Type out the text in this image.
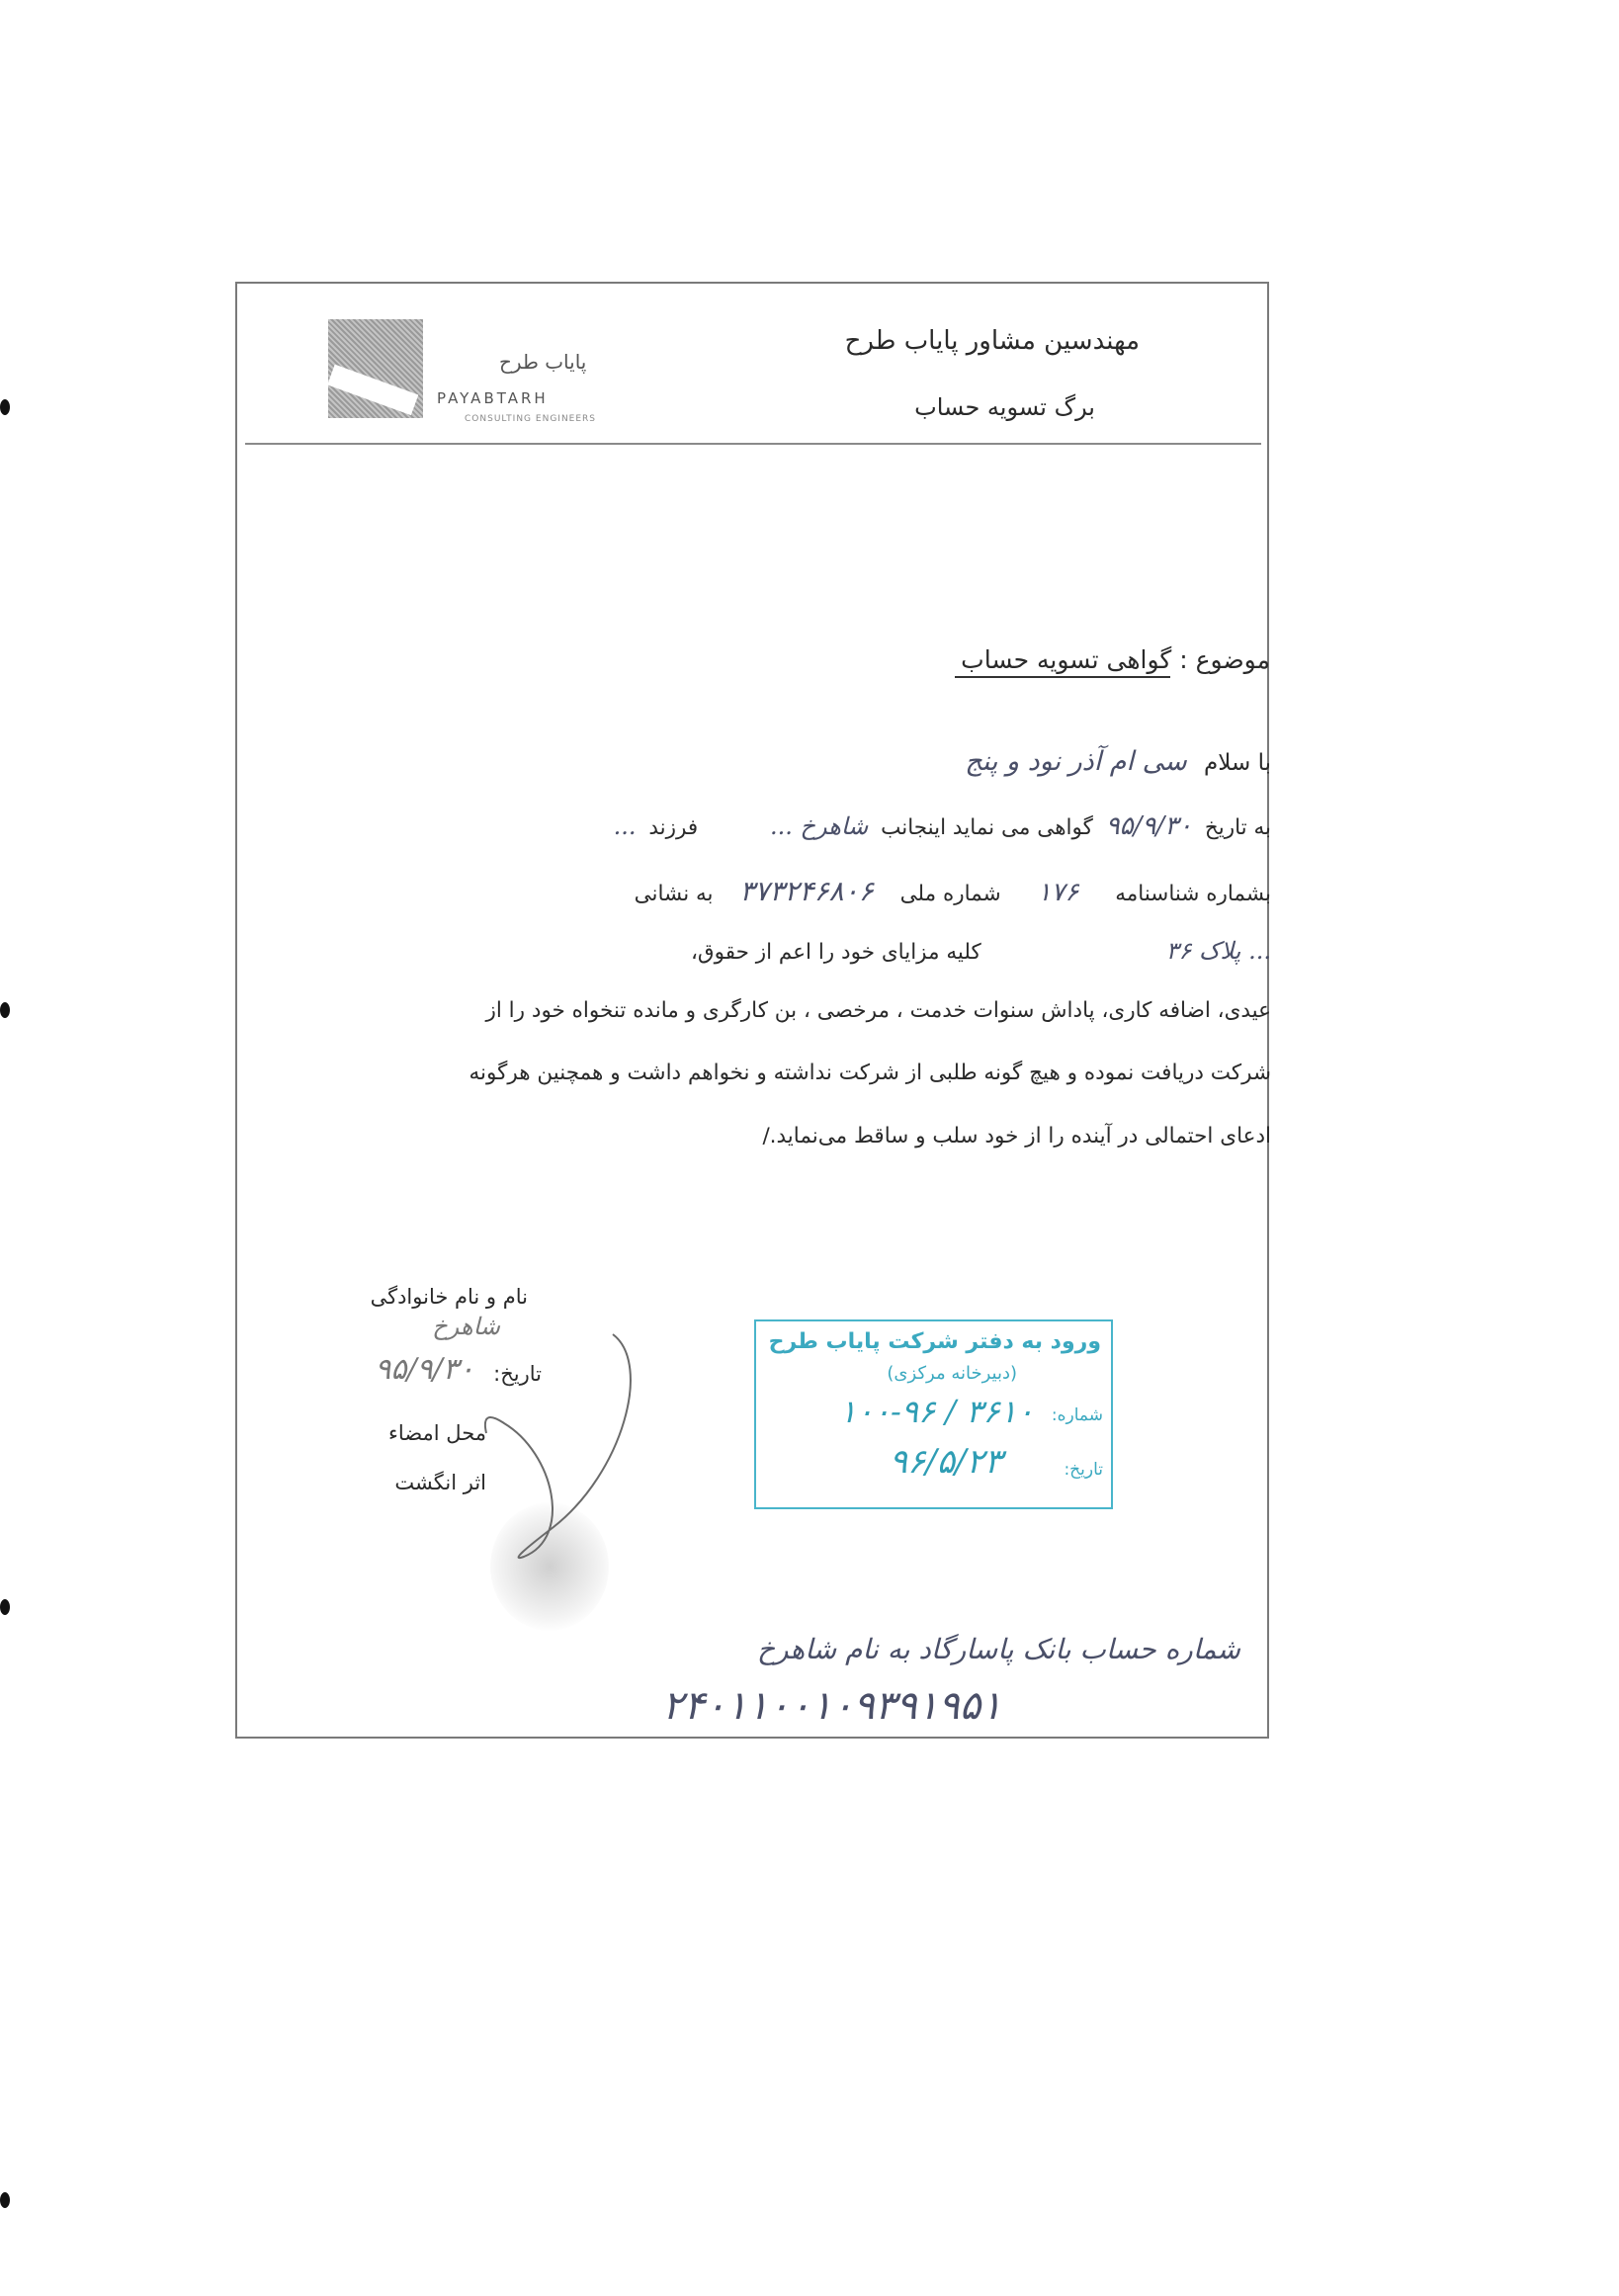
مهندسین مشاور پایاب طرح
برگ تسویه حساب
پایاب طرح
PAYABTARH
CONSULTING ENGINEERS
موضوع : گواهی تسویه حساب
با سلام سی ام آذر نود و پنج
به تاریخ ۹۵/۹/۳۰ گواهی می نماید اینجانب شاهرخ ... فرزند ...
بشماره شناسنامه ۱۷۶ شماره ملی ۳۷۳۲۴۶۸۰۶ به نشانی
... پلاک ۳۶ کلیه مزایای خود را اعم از حقوق،
عیدی، اضافه کاری، پاداش سنوات خدمت ، مرخصی ، بن کارگری و مانده تنخواه خود را از
شرکت دریافت نموده و هیچ گونه طلبی از شرکت نداشته و نخواهم داشت و همچنین هرگونه
ادعای احتمالی در آینده را از خود سلب و ساقط می‌نماید./
نام و نام خانوادگی
شاهرخ
تاریخ:
۹۵/۹/۳۰
محل امضاء
اثر انگشت
ورود به دفتر شرکت پایاب طرح
(دبیرخانه مرکزی)
شماره:
۱۰۰-۹۶ / ۳۶۱۰
تاریخ:
۹۶/۵/۲۳
شماره حساب بانک پاسارگاد به نام شاهرخ
۲۴۰۱۱۰۰۱۰۹۳۹۱۹۵۱
